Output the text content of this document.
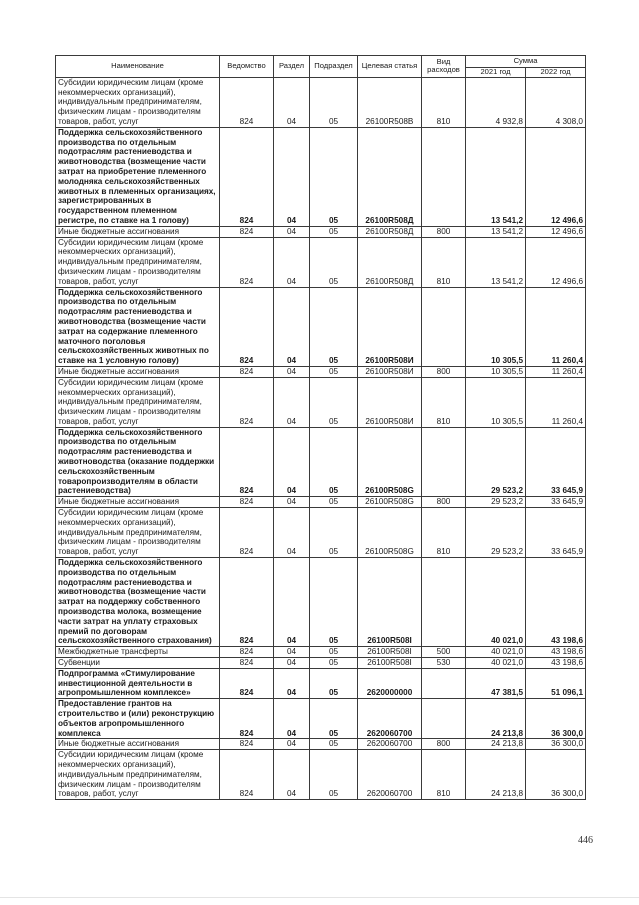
Наименование	Ведомство	Раздел	Подраздел	Целевая статья	Вид расходов	Сумма	
						2021 год	2022 год
Субсидии юридическим лицам (кроме некоммерческих организаций), индивидуальным предпринимателям, физическим лицам - производителям товаров, работ, услуг	824	04	05	26100R508B	810	4 932,8	4 308,0
Поддержка сельскохозяйственного производства по отдельным подотраслям растениеводства и животноводства (возмещение части затрат на приобретение племенного молодняка сельскохозяйственных животных в племенных организациях, зарегистрированных в государственном племенном регистре, по ставке на 1 голову)	824	04	05	26100R508Д		13 541,2	12 496,6
Иные бюджетные ассигнования	824	04	05	26100R508Д	800	13 541,2	12 496,6
Субсидии юридическим лицам (кроме некоммерческих организаций), индивидуальным предпринимателям, физическим лицам - производителям товаров, работ, услуг	824	04	05	26100R508Д	810	13 541,2	12 496,6
Поддержка сельскохозяйственного производства по отдельным подотраслям растениеводства и животноводства (возмещение части затрат на содержание племенного маточного поголовья сельскохозяйственных животных по ставке на 1 условную голову)	824	04	05	26100R508И		10 305,5	11 260,4
Иные бюджетные ассигнования	824	04	05	26100R508И	800	10 305,5	11 260,4
Субсидии юридическим лицам (кроме некоммерческих организаций), индивидуальным предпринимателям, физическим лицам - производителям товаров, работ, услуг	824	04	05	26100R508И	810	10 305,5	11 260,4
Поддержка сельскохозяйственного производства по отдельным подотраслям растениеводства и животноводства (оказание поддержки сельскохозяйственным товаропроизводителям в области растениеводства)	824	04	05	26100R508G		29 523,2	33 645,9
Иные бюджетные ассигнования	824	04	05	26100R508G	800	29 523,2	33 645,9
Субсидии юридическим лицам (кроме некоммерческих организаций), индивидуальным предпринимателям, физическим лицам - производителям товаров, работ, услуг	824	04	05	26100R508G	810	29 523,2	33 645,9
Поддержка сельскохозяйственного производства по отдельным подотраслям растениеводства и животноводства (возмещение части затрат на поддержку собственного производства молока, возмещение части затрат на уплату страховых премий по договорам сельскохозяйственного страхования)	824	04	05	26100R508I		40 021,0	43 198,6
Межбюджетные трансферты	824	04	05	26100R508I	500	40 021,0	43 198,6
Субвенции	824	04	05	26100R508I	530	40 021,0	43 198,6
Подпрограмма «Стимулирование инвестиционной деятельности в агропромышленном комплексе»	824	04	05	2620000000		47 381,5	51 096,1
Предоставление грантов на строительство и (или) реконструкцию объектов агропромышленного комплекса	824	04	05	2620060700		24 213,8	36 300,0
Иные бюджетные ассигнования	824	04	05	2620060700	800	24 213,8	36 300,0
Субсидии юридическим лицам (кроме некоммерческих организаций), индивидуальным предпринимателям, физическим лицам - производителям товаров, работ, услуг	824	04	05	2620060700	810	24 213,8	36 300,0
446
